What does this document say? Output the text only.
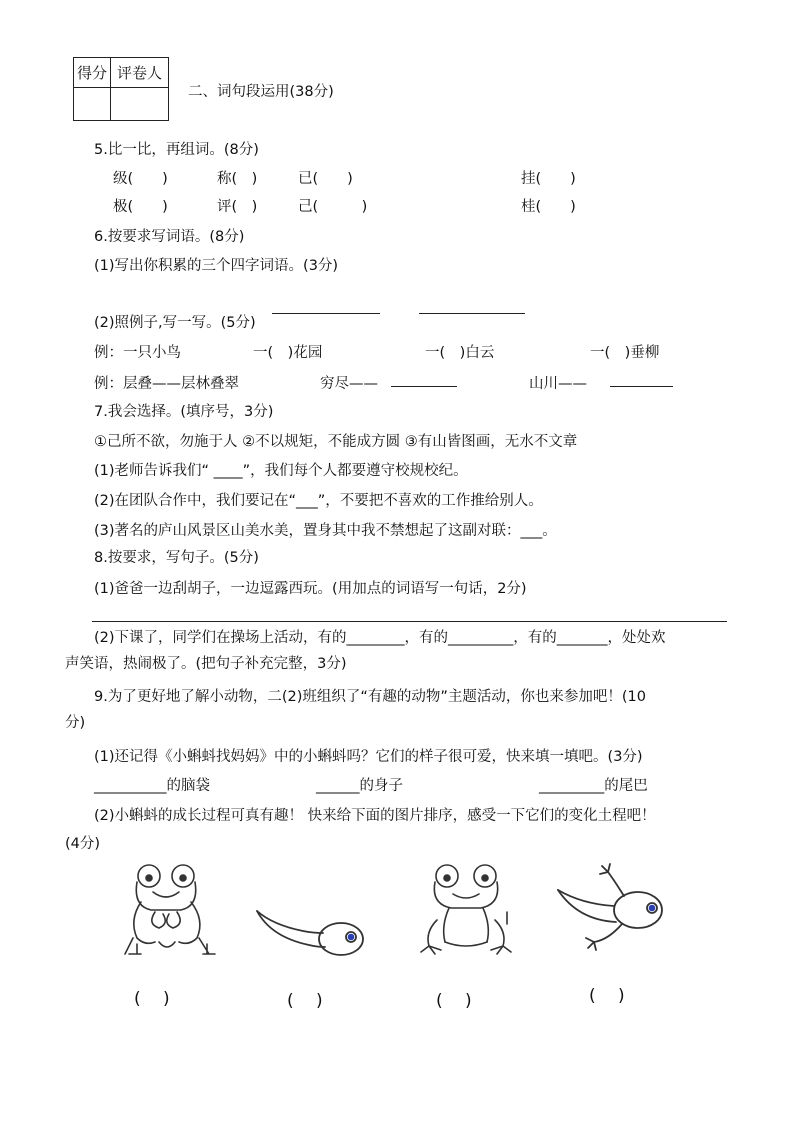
得分	评卷人

二、词句段运用(38分)
5.比一比，再组词。(8分)
级(　　)	称(　)	已(　　)	挂(　　)
极(　　)	评(　)	己(　　　)	桂(　　)
6.按要求写词语。(8分)
(1)写出你积累的三个四字词语。(3分)
(2)照例子,写一写。(5分)
例：一只小鸟	一(　)花园	一(　)白云	一(　)垂柳
例：层叠——层林叠翠	穷尽——	山川——
7.我会选择。(填序号，3分)
①己所不欲，勿施于人 ②不以规矩，不能成方圆 ③有山皆图画，无水不文章
(1)老师告诉我们“ ____”，我们每个人都要遵守校规校纪。
(2)在团队合作中，我们要记在“___”，不要把不喜欢的工作推给别人。
(3)著名的庐山风景区山美水美，置身其中我不禁想起了这副对联：___。
8.按要求，写句子。(5分)
(1)爸爸一边刮胡子，一边逗露西玩。(用加点的词语写一句话，2分)
(2)下课了，同学们在操场上活动，有的________，有的_________，有的_______，处处欢
声笑语，热闹极了。(把句子补充完整，3分)
9.为了更好地了解小动物，二(2)班组织了“有趣的动物”主题活动，你也来参加吧！(10
分)
(1)还记得《小蝌蚪找妈妈》中的小蝌蚪吗？它们的样子很可爱，快来填一填吧。(3分)
__________的脑袋	______的身子	_________的尾巴
(2)小蝌蚪的成长过程可真有趣！ 快来给下面的图片排序，感受一下它们的变化土程吧！
(4分)
(　 )	(　 )	(　 )	(　 )
